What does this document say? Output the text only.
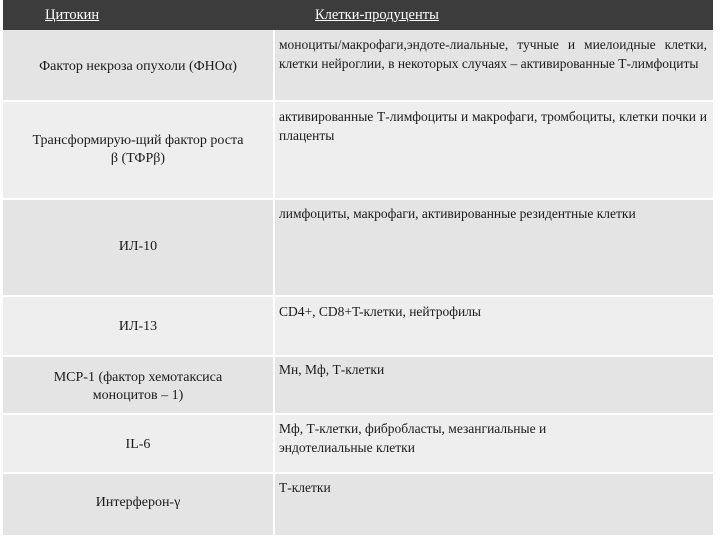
Цитокин	Клетки-продуценты
Фактор некроза опухоли (ФНОα)
моноциты/макрофаги,эндоте-лиальные, тучные и миелоидные клетки, клетки нейроглии, в некоторых случаях – активированные Т-лимфоциты
Трансформирую-щий фактор роста β (ТФРβ)
активированные Т-лимфоциты и макрофаги, тромбоциты, клетки почки и плаценты
ИЛ-10
лимфоциты, макрофаги, активированные резидентные клетки
ИЛ-13
CD4+, CD8+T-клетки, нейтрофилы
МСР-1 (фактор хемотаксиса моноцитов – 1)
Мн, Мф, Т-клетки
IL-6
Мф, Т-клетки, фибробласты, мезангиальные и эндотелиальные клетки
Интерферон-γ
Т-клетки
